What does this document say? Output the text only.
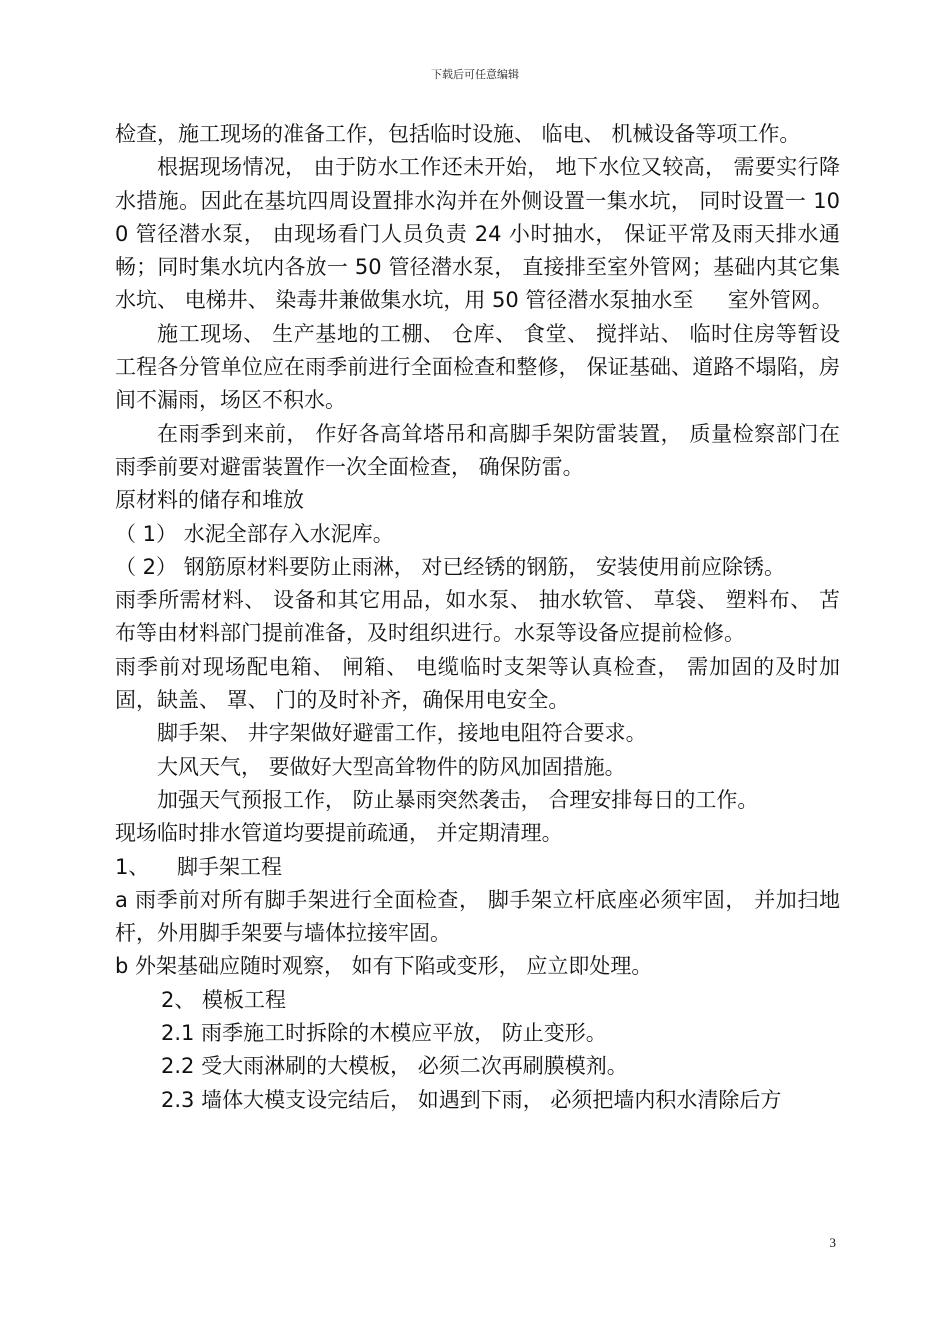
下载后可任意编辑

检查，施工现场的准备工作，包括临时设施、 临电、 机械设备等项工作。

根据现场情况， 由于防水工作还未开始， 地下水位又较高， 需要实行降水措施。因此在基坑四周设置排水沟并在外侧设置一集水坑， 同时设置一 100 管径潜水泵， 由现场看门人员负责 24 小时抽水， 保证平常及雨天排水通畅；同时集水坑内各放一 50 管径潜水泵， 直接排至室外管网；基础内其它集水坑、 电梯井、 染毒井兼做集水坑，用 50 管径潜水泵抽水至 　 室外管网。

施工现场、 生产基地的工棚、 仓库、 食堂、 搅拌站、 临时住房等暂设工程各分管单位应在雨季前进行全面检查和整修， 保证基础、道路不塌陷，房间不漏雨，场区不积水。

在雨季到来前， 作好各高耸塔吊和高脚手架防雷装置， 质量检察部门在雨季前要对避雷装置作一次全面检查， 确保防雷。

原材料的储存和堆放

（ 1） 水泥全部存入水泥库。

（ 2） 钢筋原材料要防止雨淋， 对已经锈的钢筋， 安装使用前应除锈。

雨季所需材料、 设备和其它用品，如水泵、 抽水软管、 草袋、 塑料布、 苫布等由材料部门提前准备，及时组织进行。水泵等设备应提前检修。

雨季前对现场配电箱、 闸箱、 电缆临时支架等认真检查， 需加固的及时加固，缺盖、 罩、 门的及时补齐，确保用电安全。

脚手架、 井字架做好避雷工作，接地电阻符合要求。

大风天气， 要做好大型高耸物件的防风加固措施。

加强天气预报工作， 防止暴雨突然袭击， 合理安排每日的工作。

现场临时排水管道均要提前疏通， 并定期清理。

1、 　脚手架工程

a 雨季前对所有脚手架进行全面检查， 脚手架立杆底座必须牢固， 并加扫地杆，外用脚手架要与墙体拉接牢固。

b 外架基础应随时观察， 如有下陷或变形， 应立即处理。

2、 模板工程

2.1 雨季施工时拆除的木模应平放， 防止变形。

2.2 受大雨淋刷的大模板， 必须二次再刷膜模剂。

2.3 墙体大模支设完结后， 如遇到下雨， 必须把墙内积水清除后方

3
